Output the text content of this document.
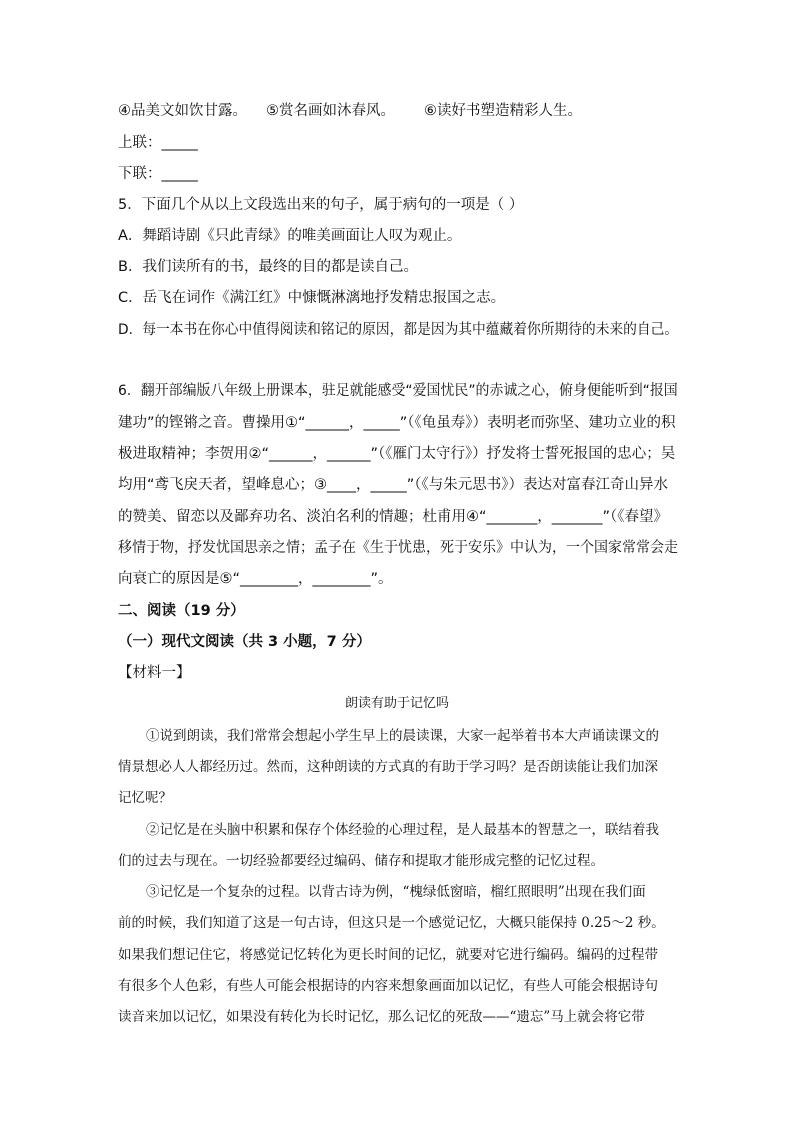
④品美文如饮甘露。 ⑤赏名画如沐春风。 ⑥读好书塑造精彩人生。
上联：_____
下联：_____
5．下面几个从以上文段选出来的句子，属于病句的一项是（ ）
A．舞蹈诗剧《只此青绿》的唯美画面让人叹为观止。
B．我们读所有的书，最终的目的都是读自己。
C．岳飞在词作《满江红》中慷慨淋漓地抒发精忠报国之志。
D．每一本书在你心中值得阅读和铭记的原因，都是因为其中蕴藏着你所期待的未来的自己。
6．翻开部编版八年级上册课本，驻足就能感受“爱国忧民”的赤诚之心，俯身便能听到“报国
建功”的铿锵之音。曹操用①“______，_____”（《龟虽寿》）表明老而弥坚、建功立业的积
极进取精神；李贺用②“______，______”（《雁门太守行》）抒发将士誓死报国的忠心；吴
均用“鸢飞戾天者，望峰息心；③____，_____”（《与朱元思书》）表达对富春江奇山异水
的赞美、留恋以及鄙弃功名、淡泊名利的情趣；杜甫用④“_______，_______”（《春望》
移情于物，抒发忧国思亲之情；孟子在《生于忧患，死于安乐》中认为，一个国家常常会走
向衰亡的原因是⑤“________，________”。
二、阅读（19 分）
（一）现代文阅读（共 3 小题，7 分）
【材料一】
朗读有助于记忆吗
①说到朗读，我们常常会想起小学生早上的晨读课，大家一起举着书本大声诵读课文的
情景想必人人都经历过。然而，这种朗读的方式真的有助于学习吗？是否朗读能让我们加深
记忆呢？
②记忆是在头脑中积累和保存个体经验的心理过程，是人最基本的智慧之一，联结着我
们的过去与现在。一切经验都要经过编码、储存和提取才能形成完整的记忆过程。
③记忆是一个复杂的过程。以背古诗为例，“槐绿低窗暗，榴红照眼明”出现在我们面
前的时候，我们知道了这是一句古诗，但这只是一个感觉记忆，大概只能保持 0.25～2 秒。
如果我们想记住它，将感觉记忆转化为更长时间的记忆，就要对它进行编码。编码的过程带
有很多个人色彩，有些人可能会根据诗的内容来想象画面加以记忆，有些人可能会根据诗句
读音来加以记忆，如果没有转化为长时记忆，那么记忆的死敌——“遗忘”马上就会将它带
